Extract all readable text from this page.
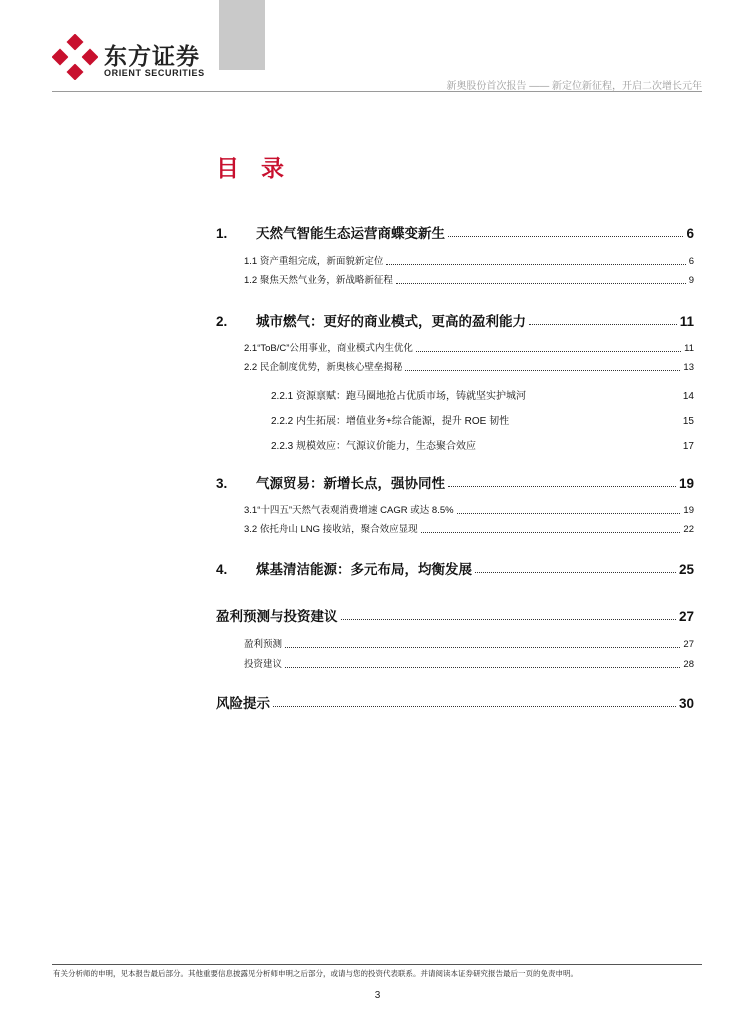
东方证券
ORIENT SECURITIES
新奥股份首次报告 —— 新定位新征程，开启二次增长元年
目 录
1.	天然气智能生态运营商蝶变新生	6
1.1 资产重组完成，新面貌新定位	6
1.2 聚焦天然气业务，新战略新征程	9
2.	城市燃气：更好的商业模式，更高的盈利能力	11
2.1“ToB/C”公用事业，商业模式内生优化	11
2.2 民企制度优势，新奥核心壁垒揭秘	13
2.2.1 资源禀赋：跑马圈地抢占优质市场，铸就坚实护城河	14
2.2.2 内生拓展：增值业务+综合能源，提升 ROE 韧性	15
2.2.3 规模效应：气源议价能力，生态聚合效应	17
3.	气源贸易：新增长点，强协同性	19
3.1“十四五”天然气表观消费增速 CAGR 或达 8.5%	19
3.2 依托舟山 LNG 接收站，聚合效应显现	22
4.	煤基清洁能源：多元布局，均衡发展	25
盈利预测与投资建议	27
盈利预测	27
投资建议	28
风险提示	30
有关分析师的申明，见本报告最后部分。其他重要信息披露见分析师申明之后部分，或请与您的投资代表联系。并请阅读本证券研究报告最后一页的免责申明。
3
